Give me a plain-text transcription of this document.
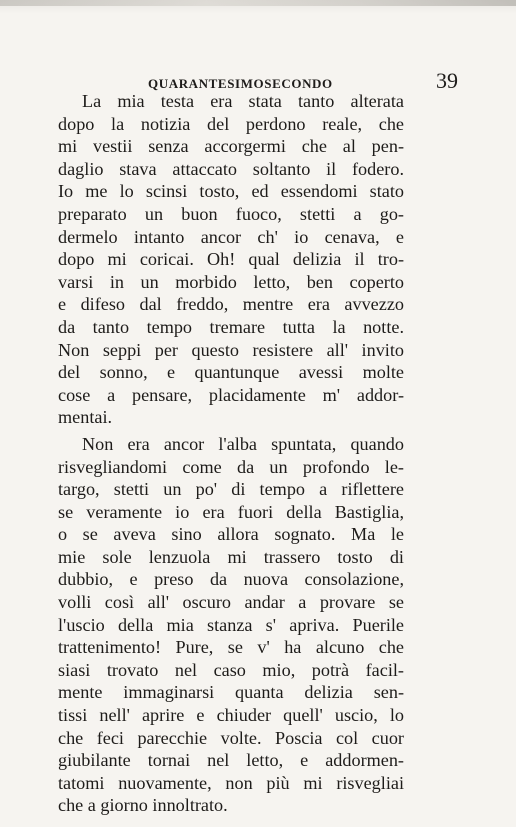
QUARANTESIMOSECONDO	39
La mia testa era stata tanto alterata
dopo la notizia del perdono reale, che
mi vestii senza accorgermi che al pen-
daglio stava attaccato soltanto il fodero.
Io me lo scinsi tosto, ed essendomi stato
preparato un buon fuoco, stetti a go-
dermelo intanto ancor ch' io cenava, e
dopo mi coricai. Oh! qual delizia il tro-
varsi in un morbido letto, ben coperto
e difeso dal freddo, mentre era avvezzo
da tanto tempo tremare tutta la notte.
Non seppi per questo resistere all' invito
del sonno, e quantunque avessi molte
cose a pensare, placidamente m' addor-
mentai.
Non era ancor l'alba spuntata, quando
risvegliandomi come da un profondo le-
targo, stetti un po' di tempo a riflettere
se veramente io era fuori della Bastiglia,
o se aveva sino allora sognato. Ma le
mie sole lenzuola mi trassero tosto di
dubbio, e preso da nuova consolazione,
volli così all' oscuro andar a provare se
l'uscio della mia stanza s' apriva. Puerile
trattenimento! Pure, se v' ha alcuno che
siasi trovato nel caso mio, potrà facil-
mente immaginarsi quanta delizia sen-
tissi nell' aprire e chiuder quell' uscio, lo
che feci parecchie volte. Poscia col cuor
giubilante tornai nel letto, e addormen-
tatomi nuovamente, non più mi risvegliai
che a giorno innoltrato.
